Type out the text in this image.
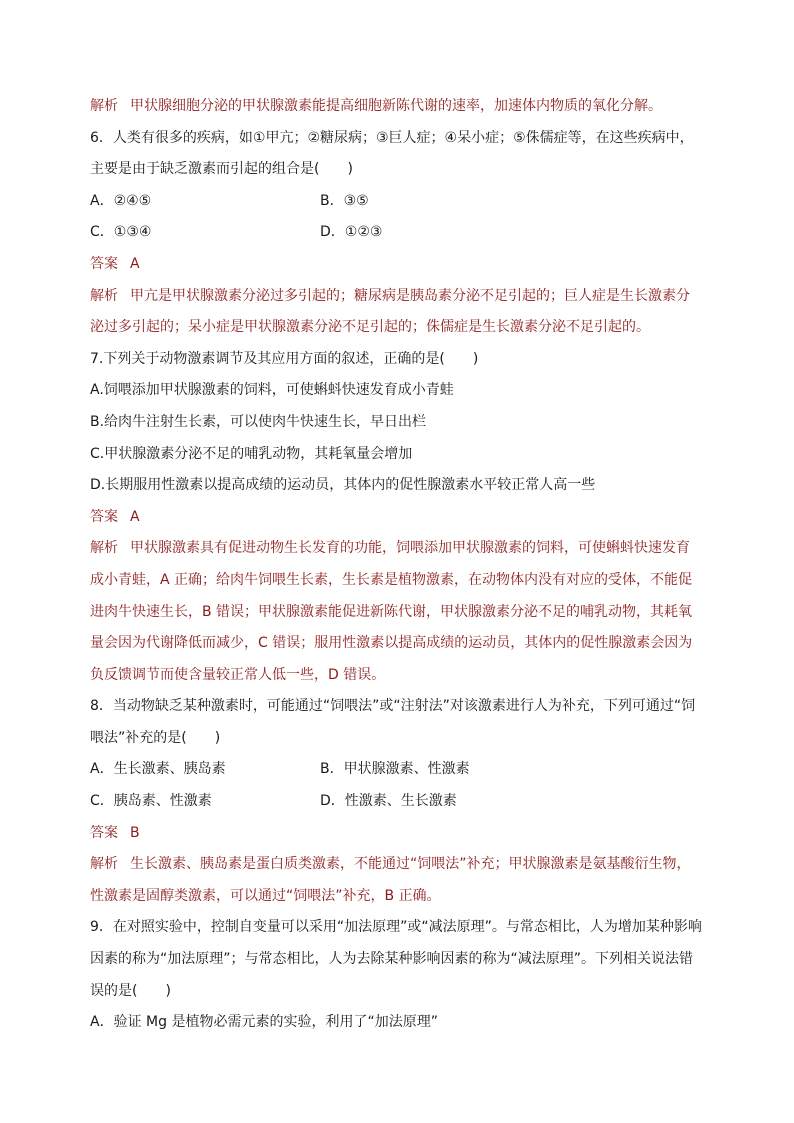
解析 甲状腺细胞分泌的甲状腺激素能提高细胞新陈代谢的速率，加速体内物质的氧化分解。
6．人类有很多的疾病，如①甲亢；②糖尿病；③巨人症；④呆小症；⑤侏儒症等，在这些疾病中，
主要是由于缺乏激素而引起的组合是(　　)
A．②④⑤	B．③⑤
C．①③④	D．①②③
答案 A
解析 甲亢是甲状腺激素分泌过多引起的；糖尿病是胰岛素分泌不足引起的；巨人症是生长激素分
泌过多引起的；呆小症是甲状腺激素分泌不足引起的；侏儒症是生长激素分泌不足引起的。
7.下列关于动物激素调节及其应用方面的叙述，正确的是(　　)
A.饲喂添加甲状腺激素的饲料，可使蝌蚪快速发育成小青蛙
B.给肉牛注射生长素，可以使肉牛快速生长，早日出栏
C.甲状腺激素分泌不足的哺乳动物，其耗氧量会增加
D.长期服用性激素以提高成绩的运动员，其体内的促性腺激素水平较正常人高一些
答案 A
解析 甲状腺激素具有促进动物生长发育的功能，饲喂添加甲状腺激素的饲料，可使蝌蚪快速发育
成小青蛙，A 正确；给肉牛饲喂生长素，生长素是植物激素，在动物体内没有对应的受体，不能促
进肉牛快速生长，B 错误；甲状腺激素能促进新陈代谢，甲状腺激素分泌不足的哺乳动物，其耗氧
量会因为代谢降低而减少，C 错误；服用性激素以提高成绩的运动员，其体内的促性腺激素会因为
负反馈调节而使含量较正常人低一些，D 错误。
8．当动物缺乏某种激素时，可能通过“饲喂法”或“注射法”对该激素进行人为补充，下列可通过“饲
喂法”补充的是(　　)
A．生长激素、胰岛素	B．甲状腺激素、性激素
C．胰岛素、性激素	D．性激素、生长激素
答案 B
解析 生长激素、胰岛素是蛋白质类激素，不能通过“饲喂法”补充；甲状腺激素是氨基酸衍生物，
性激素是固醇类激素，可以通过“饲喂法”补充，B 正确。
9．在对照实验中，控制自变量可以采用“加法原理”或“减法原理”。与常态相比，人为增加某种影响
因素的称为“加法原理”；与常态相比，人为去除某种影响因素的称为“减法原理”。下列相关说法错
误的是(　　)
A．验证 Mg 是植物必需元素的实验，利用了“加法原理”
